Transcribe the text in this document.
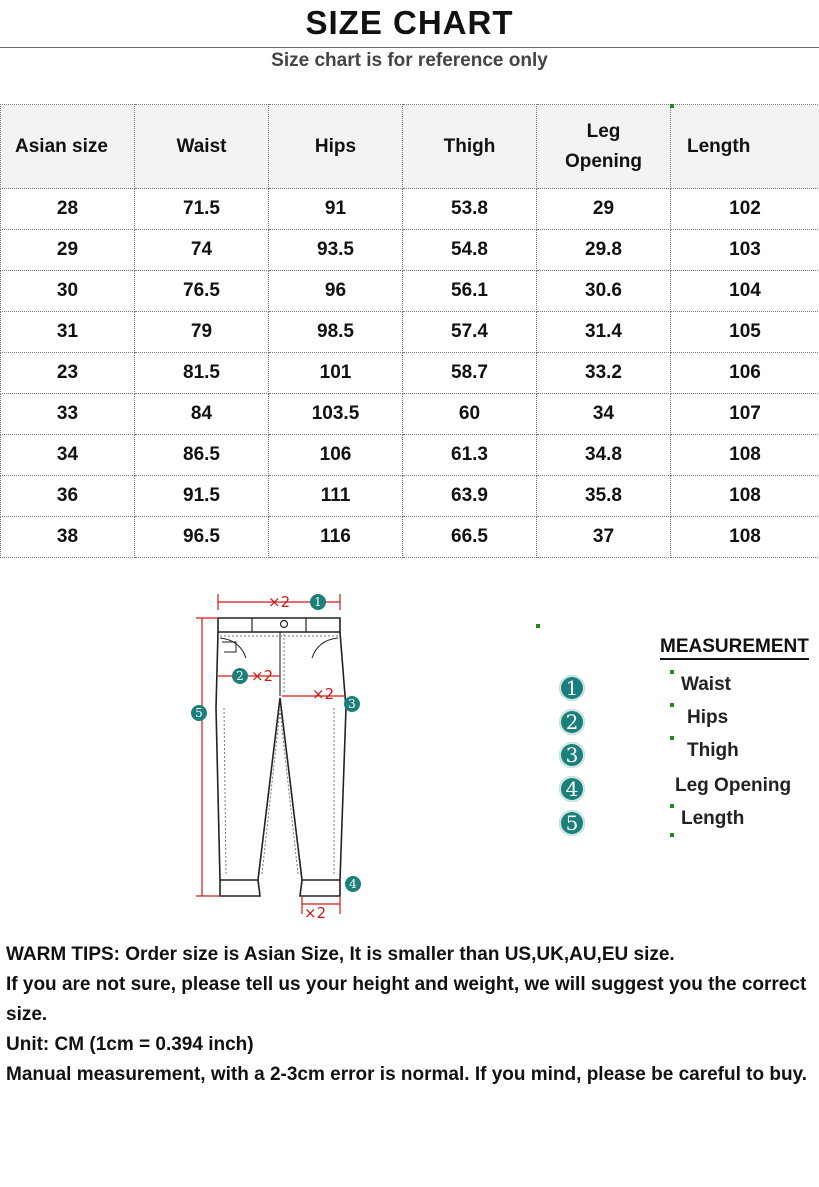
SIZE CHART
Size chart is for reference only
Asian size	Waist	Hips	Thigh	Leg Opening	Length
28	71.5	91	53.8	29	102
29	74	93.5	54.8	29.8	103
30	76.5	96	56.1	30.6	104
31	79	98.5	57.4	31.4	105
23	81.5	101	58.7	33.2	106
33	84	103.5	60	34	107
34	86.5	106	61.3	34.8	108
36	91.5	111	63.9	35.8	108
38	96.5	116	66.5	37	108
×2
×2
×2
×2
1
2
3
4
5
MEASUREMENT
1	Waist
2	Hips
3	Thigh
4	Leg Opening
5	Length

WARM TIPS: Order size is Asian Size, It is smaller than US,UK,AU,EU size.

If you are not sure, please tell us your height and weight, we will suggest you the correct size.

Unit: CM (1cm = 0.394 inch)

Manual measurement, with a 2-3cm error is normal. If you mind, please be careful to buy.
